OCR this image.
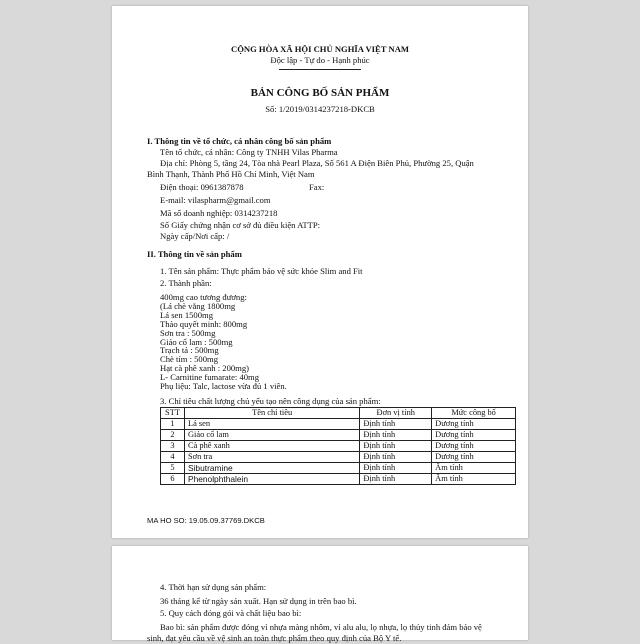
CỘNG HÒA XÃ HỘI CHỦ NGHĨA VIỆT NAM
Độc lập - Tự do - Hạnh phúc
BẢN CÔNG BỐ SẢN PHẨM
Số: 1/2019/0314237218-DKCB
I. Thông tin về tổ chức, cá nhân công bố sản phẩm
Tên tổ chức, cá nhân: Công ty TNHH Vilas Pharma
Địa chỉ: Phòng 5, tầng 24, Tòa nhà Pearl Plaza, Số 561 A Điện Biên Phủ, Phường 25, Quận
Bình Thạnh, Thành Phố Hồ Chí Minh, Việt Nam
Điện thoại: 0961387878	Fax:
E-mail: vilaspharm@gmail.com
Mã số doanh nghiệp: 0314237218
Số Giấy chứng nhận cơ sở đủ điều kiện ATTP:
Ngày cấp/Nơi cấp: /
II. Thông tin về sản phẩm
1. Tên sản phẩm: Thực phẩm bảo vệ sức khỏe Slim and Fit
2. Thành phần:
400mg cao tương đương:
(Lá chè vằng 1800mg
Lá sen 1500mg
Thảo quyết minh: 800mg
Sơn tra : 500mg
Giảo cổ lam : 500mg
Trạch tả : 500mg
Chè tím : 500mg
Hạt cà phê xanh : 200mg)
L- Carnitine fumarate: 40mg
Phụ liệu: Talc, lactose vừa đủ 1 viên.
3. Chỉ tiêu chất lượng chủ yếu tạo nên công dụng của sản phẩm:
STT	Tên chỉ tiêu	Đơn vị tính	Mức công bố
1	Lá sen	Định tính	Dương tính
2	Giảo cổ lam	Định tính	Dương tính
3	Cà phê xanh	Định tính	Dương tính
4	Sơn tra	Định tính	Dương tính
5	Sibutramine	Định tính	Âm tính
6	Phenolphthalein	Định tính	Âm tính
MA HO SO: 19.05.09.37769.DKCB
4. Thời hạn sử dụng sản phẩm:
36 tháng kể từ ngày sản xuất. Hạn sử dụng in trên bao bì.
5. Quy cách đóng gói và chất liệu bao bì:
Bao bì: sản phẩm được đóng vỉ nhựa màng nhôm, vỉ alu alu, lọ nhựa, lọ thủy tinh đảm bảo vệ
sinh, đạt yêu cầu về vệ sinh an toàn thực phẩm theo quy định của Bộ Y tế.
